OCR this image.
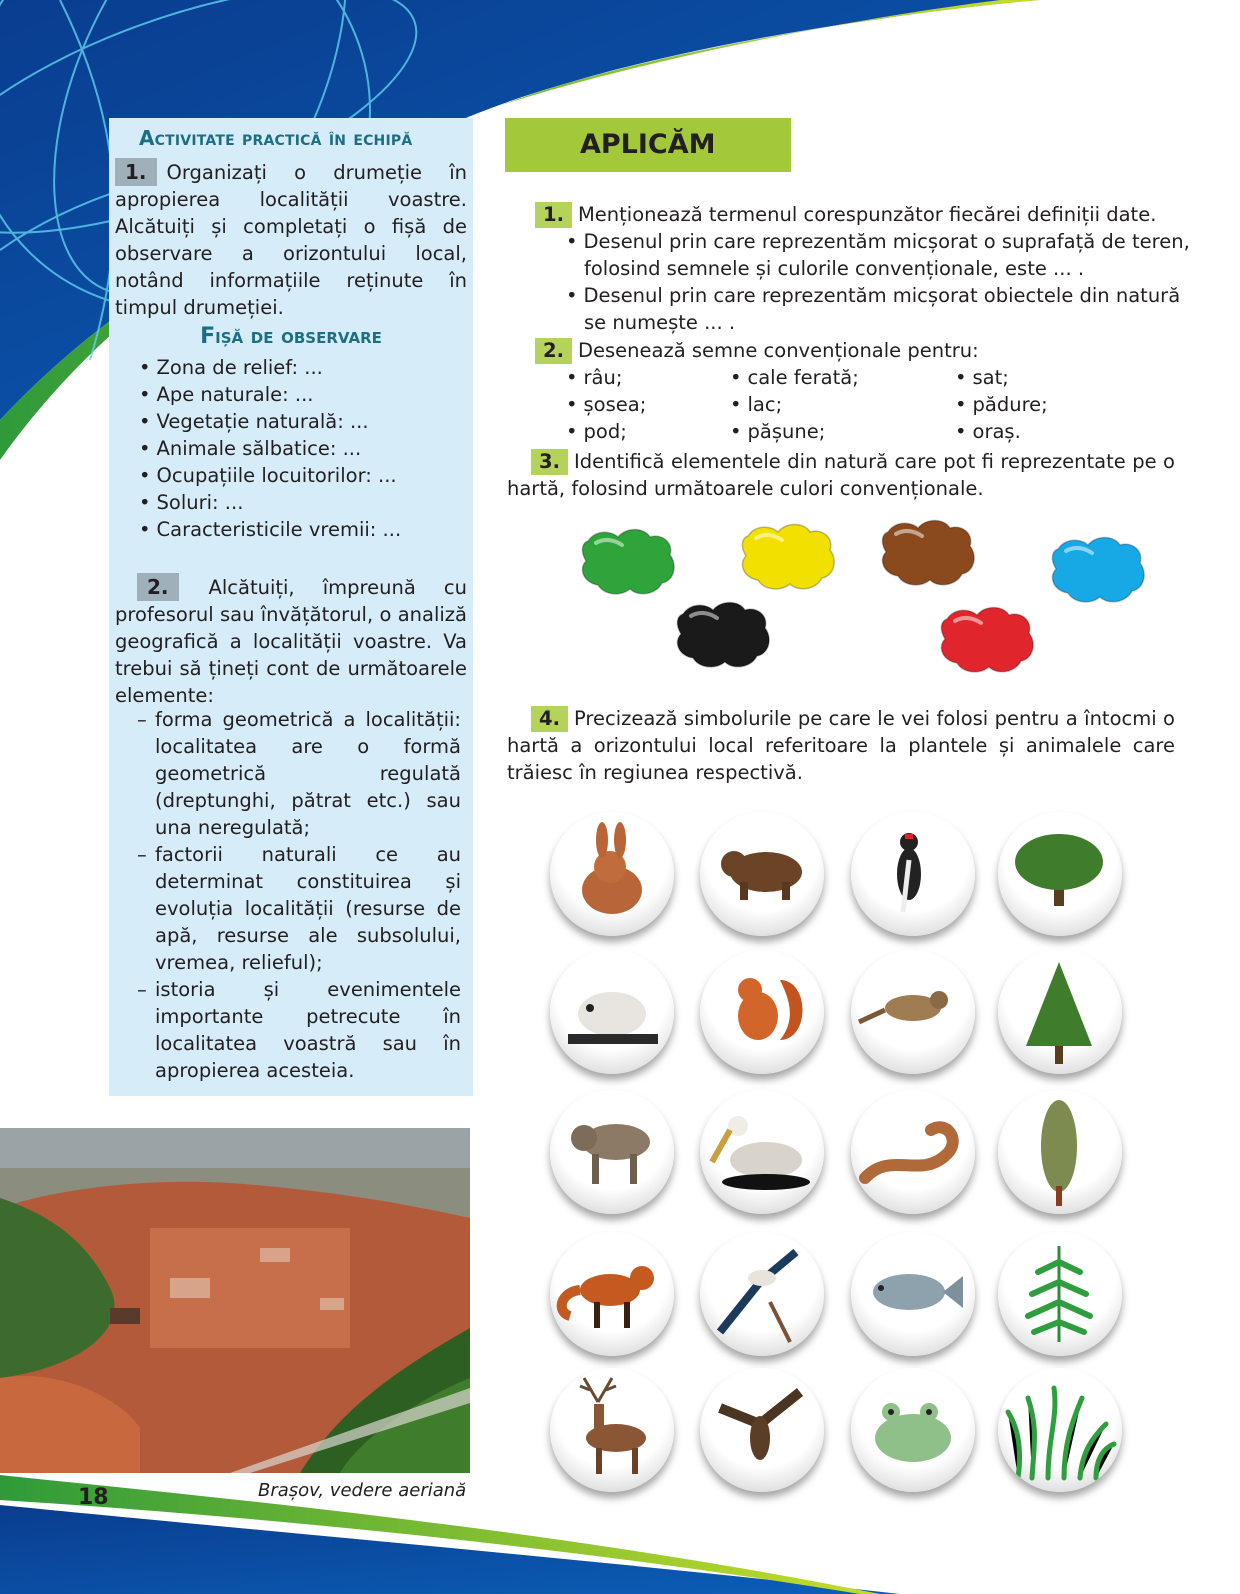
Activitate practică în echipă
1. Organizați o drumeție în apropierea localității voastre. Alcătuiți și completați o fișă de observare a orizontului local, notând informațiile reținute în timpul drumeției.
Fișă de observare
• Zona de relief: ...
• Ape naturale: ...
• Vegetație naturală: ...
• Animale sălbatice: ...
• Ocupațiile locuitorilor: ...
• Soluri: ...
• Caracteristicile vremii: ...
2. Alcătuiți, împreună cu profesorul sau învățătorul, o analiză geografică a localității voastre. Va trebui să țineți cont de următoarele elemente:
– forma geometrică a localității: localitatea are o formă geometrică regulată (dreptunghi, pătrat etc.) sau una neregulată;
– factorii naturali ce au determinat constituirea și evoluția localității (resurse de apă, resurse ale subsolului, vremea, relieful);
– istoria și evenimentele importante petrecute în localitatea voastră sau în apropierea acesteia.
Brașov, vedere aeriană
18
APLICĂM
1. Menționează termenul corespunzător fiecărei definiții date.
• Desenul prin care reprezentăm micșorat o suprafață de teren, folosind semnele și culorile convenționale, este ... .
• Desenul prin care reprezentăm micșorat obiectele din natură se numește ... .
2. Desenează semne convenționale pentru:
• râu;
• șosea;
• pod;
• cale ferată;
• lac;
• pășune;
• sat;
• pădure;
• oraș.
3. Identifică elementele din natură care pot fi reprezentate pe o hartă, folosind următoarele culori convenționale.
4. Precizează simbolurile pe care le vei folosi pentru a întocmi o hartă a orizontului local referitoare la plantele și animalele care trăiesc în regiunea respectivă.
